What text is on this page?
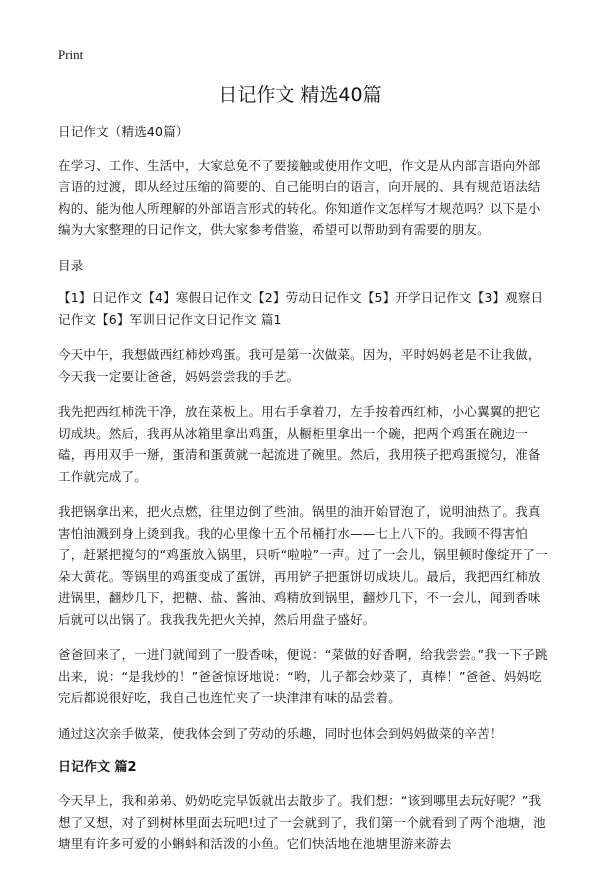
Print
日记作文 精选40篇

日记作文（精选40篇）

在学习、工作、生活中，大家总免不了要接触或使用作文吧，作文是从内部言语向外部言语的过渡，即从经过压缩的简要的、自己能明白的语言，向开展的、具有规范语法结构的、能为他人所理解的外部语言形式的转化。你知道作文怎样写才规范吗？以下是小编为大家整理的日记作文，供大家参考借鉴，希望可以帮助到有需要的朋友。

目录

【1】日记作文【4】寒假日记作文【2】劳动日记作文【5】开学日记作文【3】观察日记作文【6】军训日记作文日记作文 篇1

今天中午，我想做西红柿炒鸡蛋。我可是第一次做菜。因为，平时妈妈老是不让我做，今天我一定要让爸爸，妈妈尝尝我的手艺。

我先把西红柿洗干净，放在菜板上。用右手拿着刀，左手按着西红柿，小心翼翼的把它切成块。然后，我再从冰箱里拿出鸡蛋，从橱柜里拿出一个碗，把两个鸡蛋在碗边一磕，再用双手一掰，蛋清和蛋黄就一起流进了碗里。然后，我用筷子把鸡蛋搅匀，准备工作就完成了。

我把锅拿出来，把火点燃，往里边倒了些油。锅里的油开始冒泡了，说明油热了。我真害怕油溅到身上烫到我。我的心里像十五个吊桶打水——七上八下的。我顾不得害怕了，赶紧把搅匀的“鸡蛋放入锅里，只听“啦啦”一声。过了一会儿，锅里顿时像绽开了一朵大黄花。等锅里的鸡蛋变成了蛋饼，再用铲子把蛋饼切成块儿。最后，我把西红柿放进锅里，翻炒几下，把糖、盐、酱油、鸡精放到锅里，翻炒几下，不一会儿，闻到香味后就可以出锅了。我我我先把火关掉，然后用盘子盛好。

爸爸回来了，一进门就闻到了一股香味，便说：“菜做的好香啊，给我尝尝。”我一下子跳出来，说：“是我炒的！”爸爸惊讶地说：“哟，儿子都会炒菜了，真棒！”爸爸、妈妈吃完后都说很好吃，我自己也连忙夹了一块津津有味的品尝着。

通过这次亲手做菜，使我体会到了劳动的乐趣，同时也体会到妈妈做菜的辛苦！

日记作文 篇2

今天早上，我和弟弟、奶奶吃完早饭就出去散步了。我们想：“该到哪里去玩好呢？”我想了又想，对了到树林里面去玩吧!过了一会就到了，我们第一个就看到了两个池塘，池塘里有许多可爱的小蝌蚪和活泼的小鱼。它们快活地在池塘里游来游去
